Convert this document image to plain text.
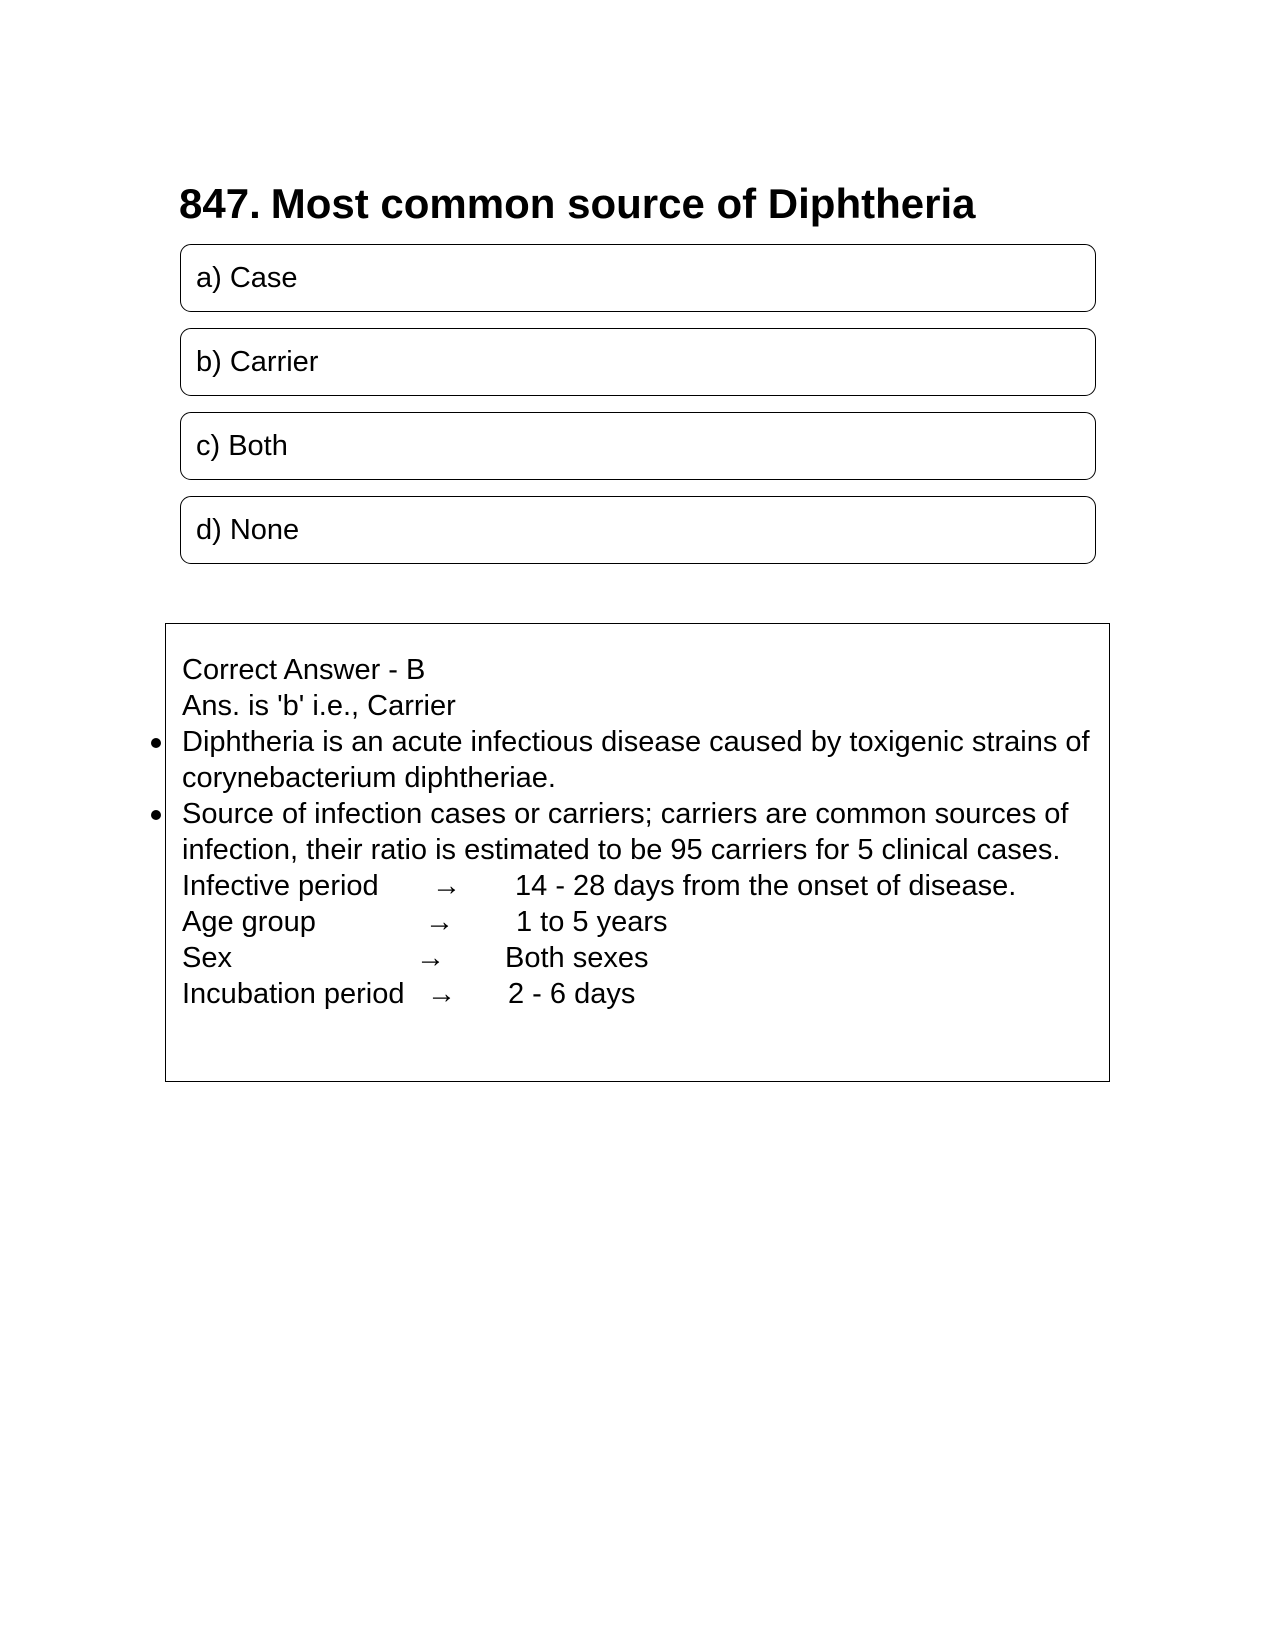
847. Most common source of Diphtheria
a) Case
b) Carrier
c) Both
d) None

Correct Answer - B

Ans. is 'b' i.e., Carrier

Diphtheria is an acute infectious disease caused by toxigenic strains of corynebacterium diphtheriae.
Source of infection cases or carriers; carriers are common sources of infection, their ratio is estimated to be 95 carriers for 5 clinical cases.
Infective period → 14 - 28 days from the onset of disease.
Age group	→ 1 to 5 years
Sex	→ Both sexes
Incubation period → 2 - 6 days
